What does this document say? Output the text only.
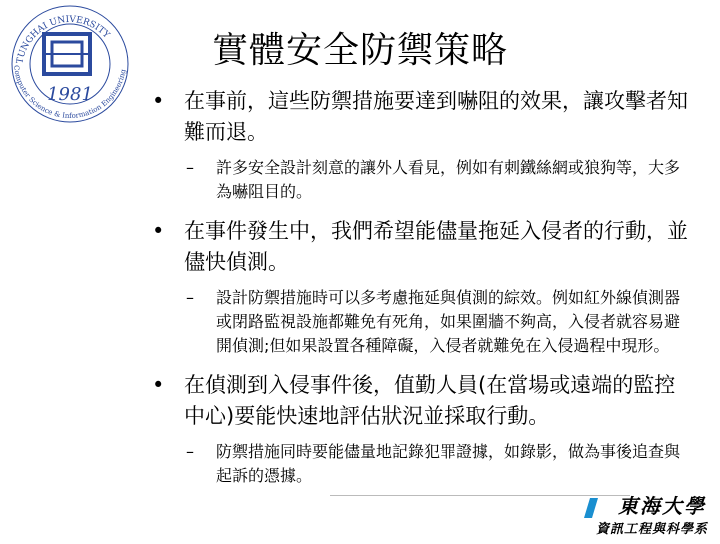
TUNGHAI UNIVERSITY
Computer Science & Information Engineering
1981
實體安全防禦策略
• 在事前，這些防禦措施要達到嚇阻的效果，讓攻擊者知難而退。
– 許多安全設計刻意的讓外人看見，例如有刺鐵絲網或狼狗等，大多為嚇阻目的。
• 在事件發生中，我們希望能儘量拖延入侵者的行動，並儘快偵測。
– 設計防禦措施時可以多考慮拖延與偵測的綜效。例如紅外線偵測器或閉路監視設施都難免有死角，如果圍牆不夠高，入侵者就容易避開偵測;但如果設置各種障礙，入侵者就難免在入侵過程中現形。
• 在偵測到入侵事件後，值勤人員(在當場或遠端的監控中心)要能快速地評估狀況並採取行動。
– 防禦措施同時要能儘量地記錄犯罪證據，如錄影，做為事後追查與起訴的憑據。
東海大學
資訊工程與科學系
